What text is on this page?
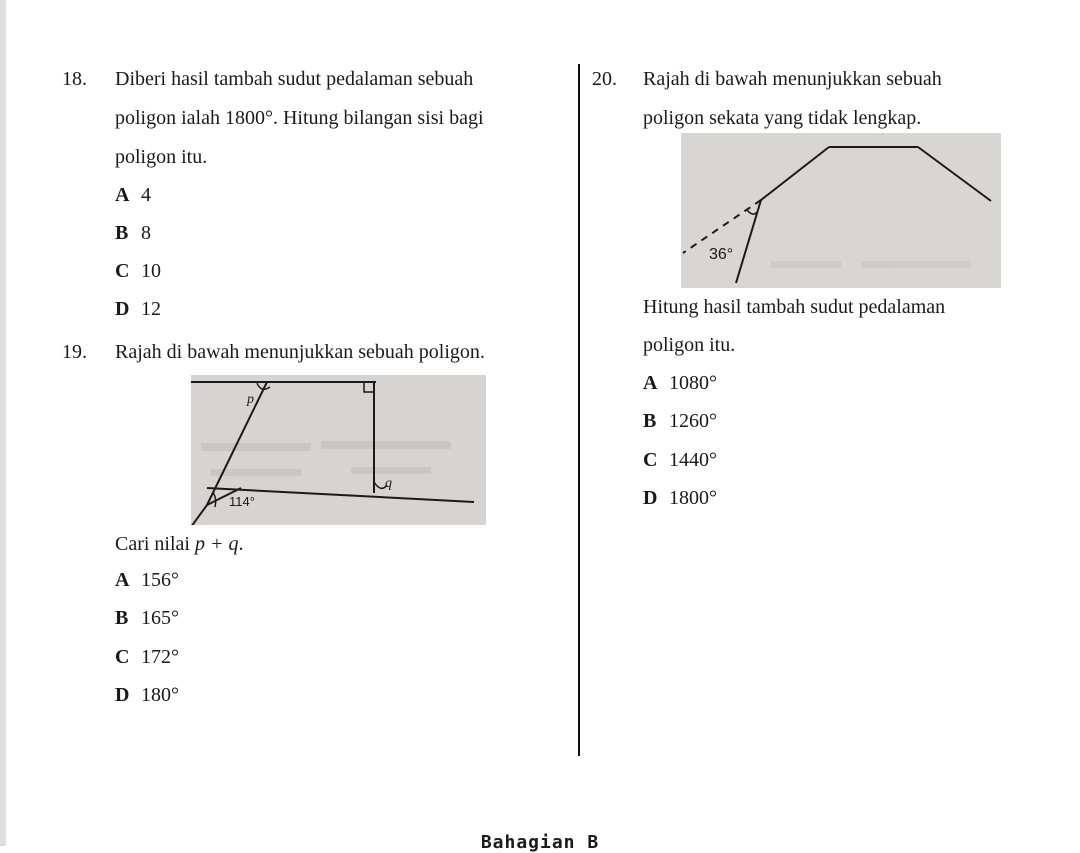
18. Diberi hasil tambah sudut pedalaman sebuah
poligon ialah 1800°. Hitung bilangan sisi bagi
poligon itu.
A 4
B 8
C 10
D 12
19. Rajah di bawah menunjukkan sebuah poligon.
p
q
114°
Cari nilai p + q.
A 156°
B 165°
C 172°
D 180°
20. Rajah di bawah menunjukkan sebuah
poligon sekata yang tidak lengkap.
36°
Hitung hasil tambah sudut pedalaman
poligon itu.
A 1080°
B 1260°
C 1440°
D 1800°
Bahagian B
